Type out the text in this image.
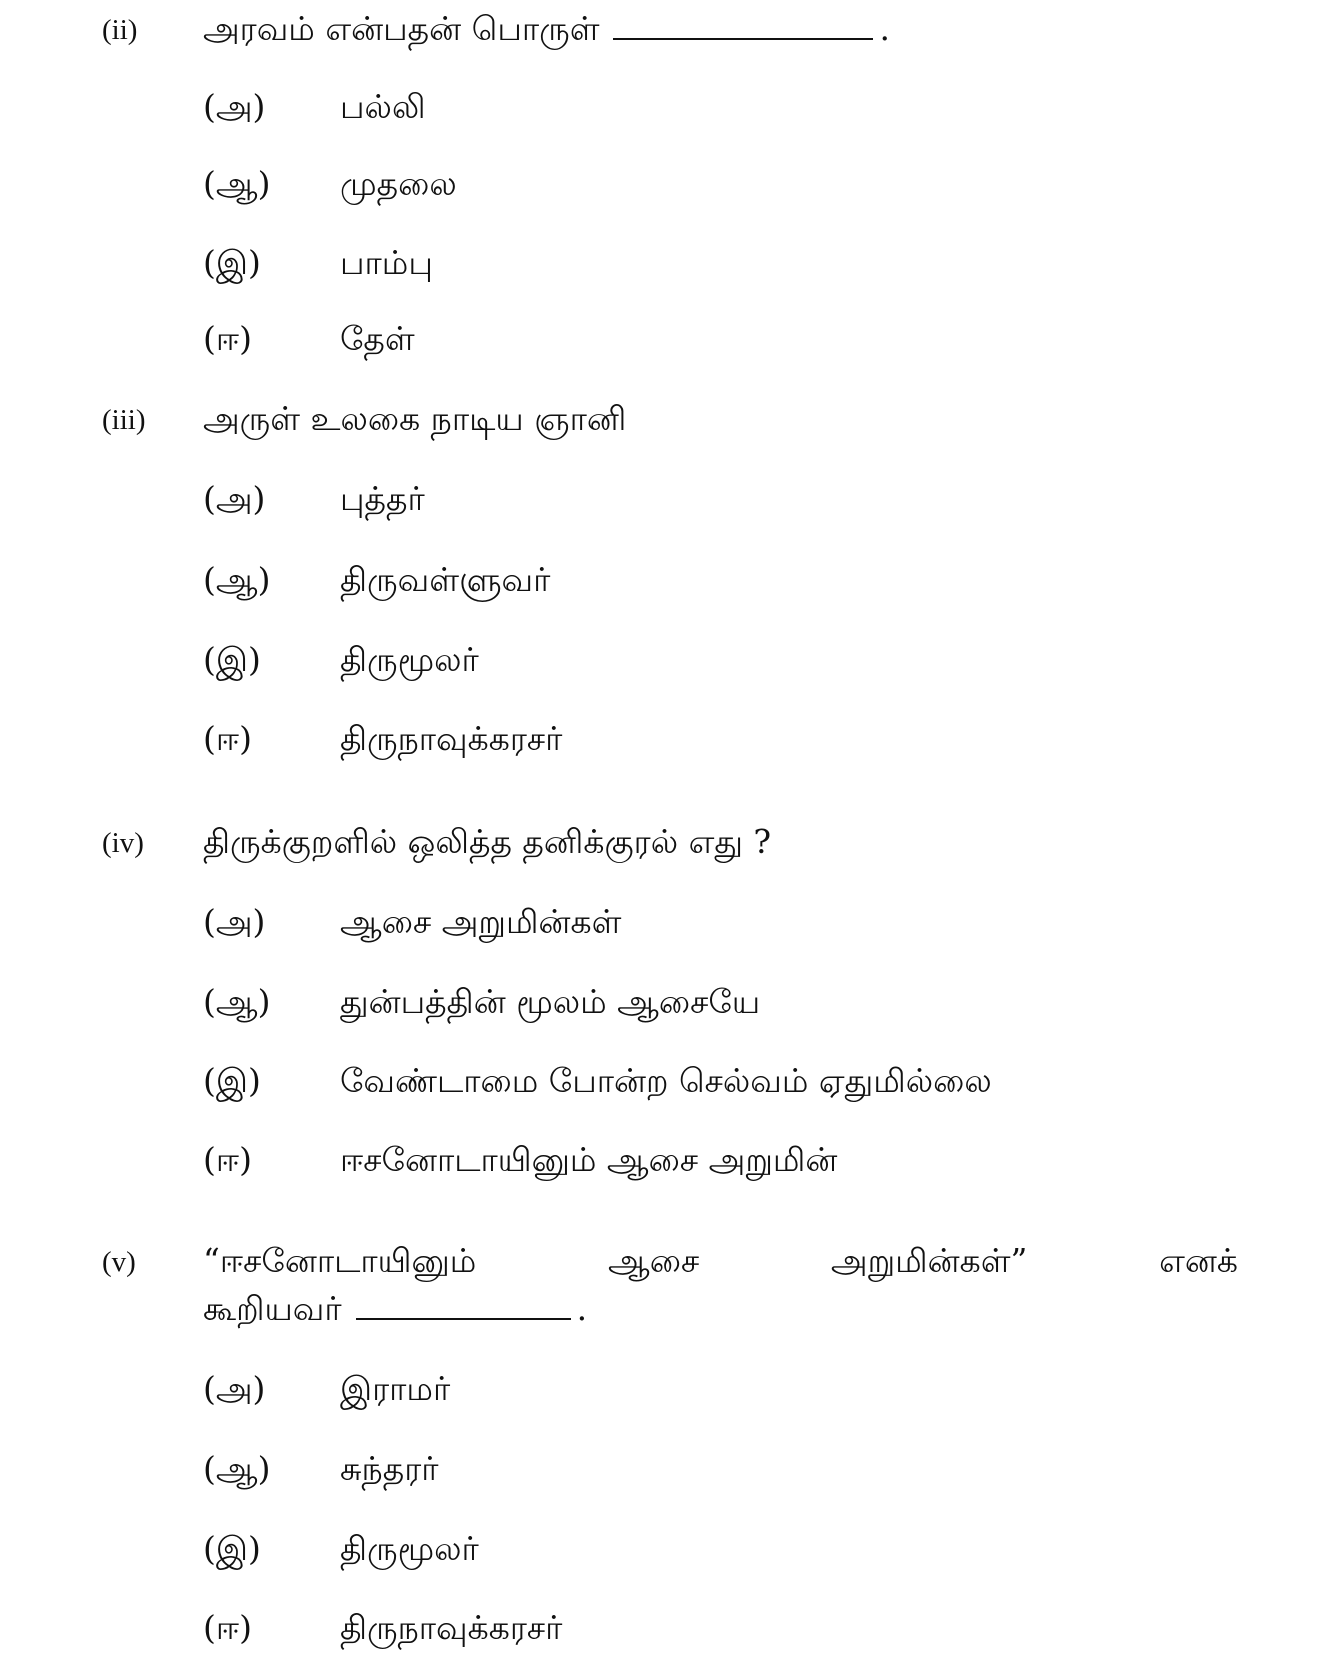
(ii) அரவம் என்பதன் பொருள்	.
(அ) பல்லி
(ஆ) முதலை
(இ) பாம்பு
(ஈ)	தேள்
(iii) அருள் உலகை நாடிய ஞானி
(அ) புத்தர்
(ஆ) திருவள்ளுவர்
(இ) திருமூலர்
(ஈ)	திருநாவுக்கரசர்
(iv) திருக்குறளில் ஒலித்த தனிக்குரல் எது ?
(அ) ஆசை அறுமின்கள்
(ஆ) துன்பத்தின் மூலம் ஆசையே
(இ) வேண்டாமை போன்ற செல்வம் ஏதுமில்லை
(ஈ)	ஈசனோடாயினும் ஆசை அறுமின்
(v) “ஈசனோடாயினும்	ஆசை	அறுமின்கள்”	எனக்
கூறியவர்	.
(அ) இராமர்
(ஆ) சுந்தரர்
(இ) திருமூலர்
(ஈ)	திருநாவுக்கரசர்
